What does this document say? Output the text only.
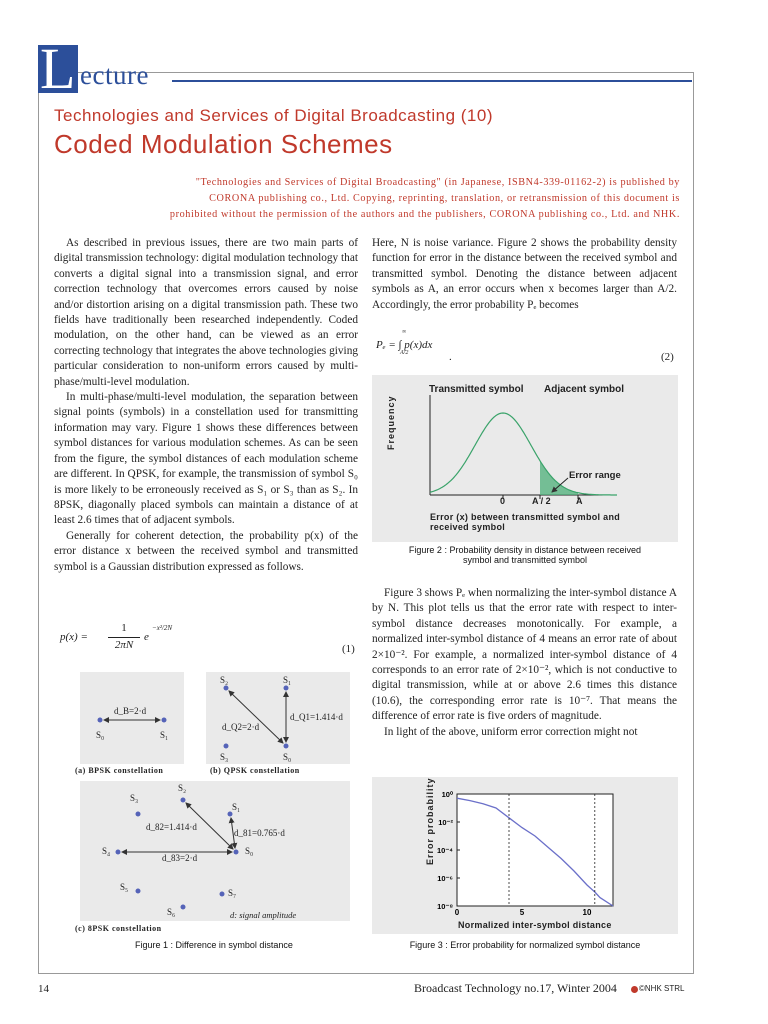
L ecture
Technologies and Services of Digital Broadcasting (10)
Coded Modulation Schemes
"Technologies and Services of Digital Broadcasting" (in Japanese, ISBN4-339-01162-2) is published by
CORONA publishing co., Ltd. Copying, reprinting, translation, or retransmission of this document is
prohibited without the permission of the authors and the publishers, CORONA publishing co., Ltd. and NHK.

As described in previous issues, there are two main parts of digital transmission technology: digital modulation technology that converts a digital signal into a transmission signal, and error correction technology that overcomes errors caused by noise and/or distortion arising on a digital transmission path. These two fields have traditionally been researched independently. Coded modulation, on the other hand, can be viewed as an error correcting technology that integrates the above technologies giving particular consideration to non-uniform errors caused by multi-phase/multi-level modulation.

In multi-phase/multi-level modulation, the separation between signal points (symbols) in a constellation used for transmitting information may vary. Figure 1 shows these differences between symbol distances for various modulation schemes. As can be seen from the figure, the symbol distances of each modulation scheme are different. In QPSK, for example, the transmission of symbol S₀ is more likely to be erroneously received as S₁ or S₃ than as S₂. In 8PSK, diagonally placed symbols can maintain a distance of at least 2.6 times that of adjacent symbols.

Generally for coherent detection, the probability p(x) of the error distance x between the received symbol and transmitted symbol is a Gaussian distribution expressed as follows.

p(x) =
1
2πN
e
−x²/2N
(1)
d_B=2·d
S₀	S₁
(a) BPSK constellation
S₂	S₁
S₃	S₀
d_Q1=1.414·d
d_Q2=2·d
(b) QPSK constellation
S₁
S₂
S₃
S₄
S₅
S₆
S₇
S₀
d_82=1.414·d
d_81=0.765·d
d_83=2·d
d: signal amplitude
(c) 8PSK constellation
Figure 1 : Difference in symbol distance

Here, N is noise variance. Figure 2 shows the probability density function for error in the distance between the received symbol and transmitted symbol. Denoting the distance between adjacent symbols as A, an error occurs when x becomes larger than A/2. Accordingly, the error probability Pₑ becomes

Pₑ = ∫ p(x)dx
∞
A/2	.	(2)
Transmitted symbol Adjacent symbol
Frequency
Error range
0	A / 2	A
Error (x) between transmitted symbol and
received symbol
Figure 2 : Probability density in distance between received
symbol and transmitted symbol

Figure 3 shows Pₑ when normalizing the inter-symbol distance A by N. This plot tells us that the error rate with respect to inter-symbol distance decreases monotonically. For example, a normalized inter-symbol distance of 4 means an error rate of about 2×10⁻². For example, a normalized inter-symbol distance of 4 corresponds to an error rate of 2×10⁻², which is not conductive to digital transmission, while at or above 2.6 times this distance (10.6), the corresponding error rate is 10⁻⁷. That means the difference of error rate is five orders of magnitude.

In light of the above, uniform error correction might not

0	5	10
10⁰
10⁻²
10⁻⁴
10⁻⁶
10⁻⁸
Error probability
Normalized inter-symbol distance
Figure 3 : Error probability for normalized symbol distance
14	Broadcast Technology no.17, Winter 2004	©NHK STRL
